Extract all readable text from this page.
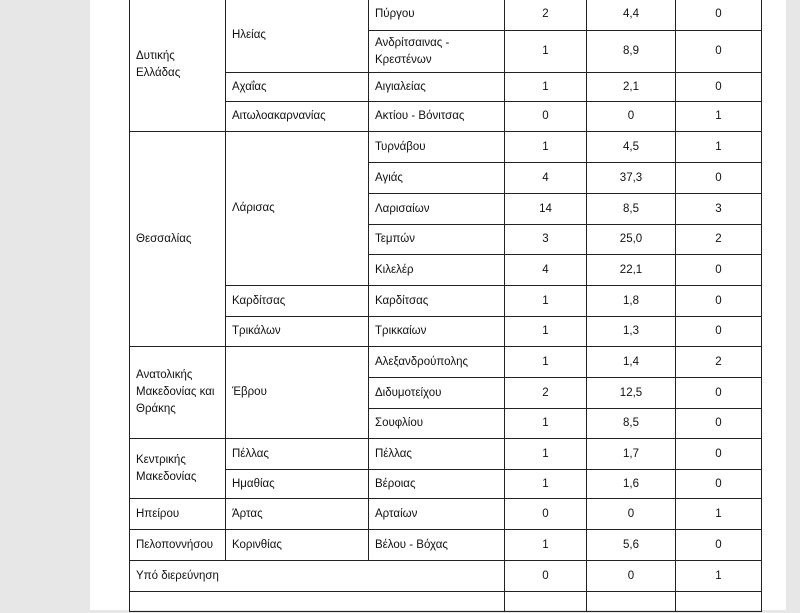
Δυτικής Ελλάδας	Ηλείας	Πύργου	2	4,4	0
		Ανδρίτσαινας - Κρεστένων	1	8,9	0
	Αχαΐας	Αιγιαλείας	1	2,1	0
	Αιτωλοακαρνανίας	Ακτίου - Βόνιτσας	0	0	1
Θεσσαλίας	Λάρισας	Τυρνάβου	1	4,5	1
		Αγιάς	4	37,3	0
		Λαρισαίων	14	8,5	3
		Τεμπών	3	25,0	2
		Κιλελέρ	4	22,1	0
	Καρδίτσας	Καρδίτσας	1	1,8	0
	Τρικάλων	Τρικκαίων	1	1,3	0
Ανατολικής Μακεδονίας και Θράκης	Έβρου	Αλεξανδρούπολης	1	1,4	2
		Διδυμοτείχου	2	12,5	0
		Σουφλίου	1	8,5	0
Κεντρικής Μακεδονίας	Πέλλας	Πέλλας	1	1,7	0
	Ημαθίας	Βέροιας	1	1,6	0
Ηπείρου	Άρτας	Αρταίων	0	0	1
Πελοποννήσου	Κορινθίας	Βέλου - Βόχας	1	5,6	0
Υπό διερεύνηση			0	0	1
